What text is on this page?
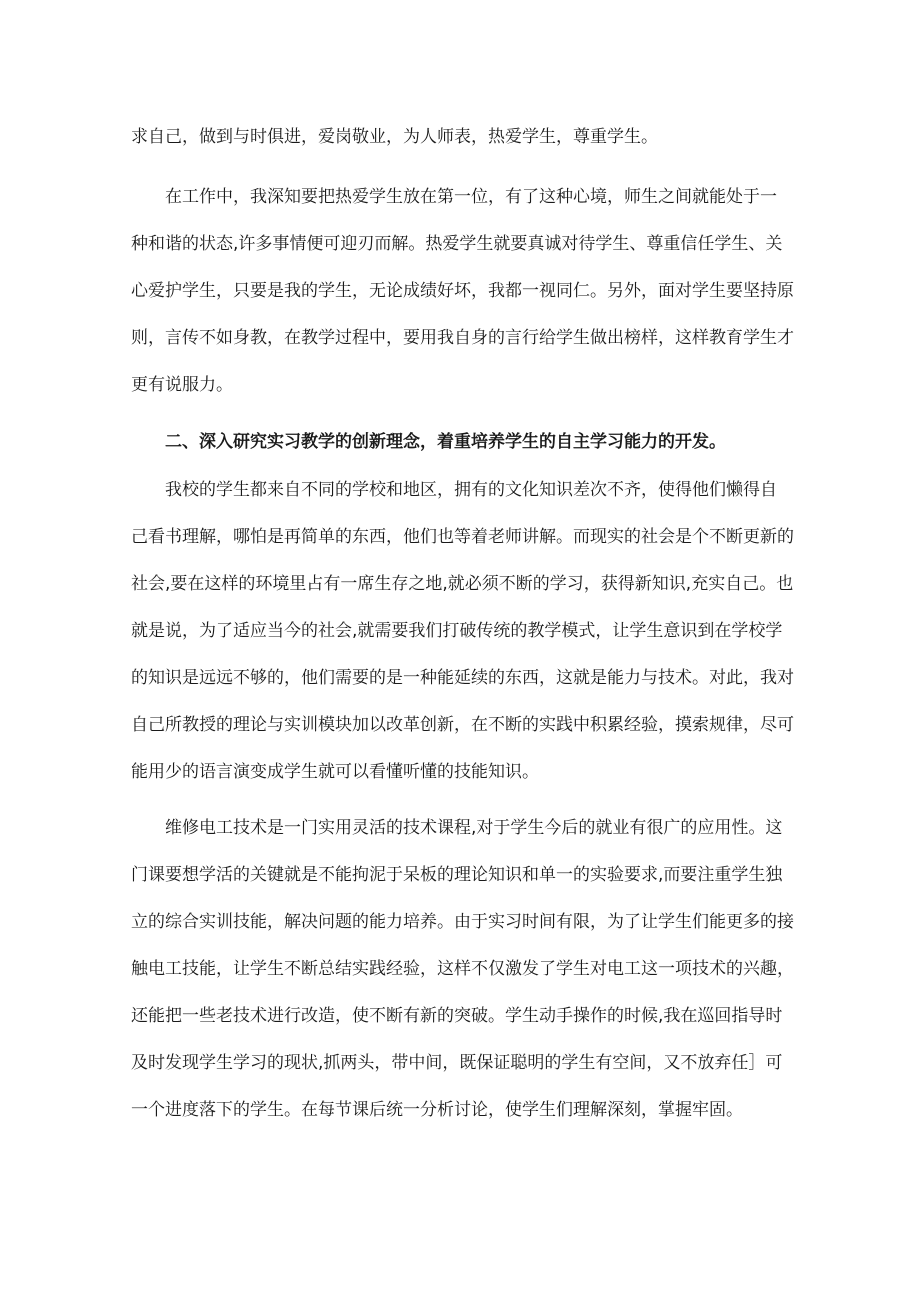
求自己，做到与时俱进，爱岗敬业，为人师表，热爱学生，尊重学生。
在工作中，我深知要把热爱学生放在第一位，有了这种心境，师生之间就能处于一
种和谐的状态,许多事情便可迎刃而解。热爱学生就要真诚对待学生、尊重信任学生、关
心爱护学生，只要是我的学生，无论成绩好坏，我都一视同仁。另外，面对学生要坚持原
则，言传不如身教，在教学过程中，要用我自身的言行给学生做出榜样，这样教育学生才
更有说服力。
二、深入研究实习教学的创新理念，着重培养学生的自主学习能力的开发。
我校的学生都来自不同的学校和地区，拥有的文化知识差次不齐，使得他们懒得自
己看书理解，哪怕是再简单的东西，他们也等着老师讲解。而现实的社会是个不断更新的
社会,要在这样的环境里占有一席生存之地,就必须不断的学习，获得新知识,充实自己。也
就是说，为了适应当今的社会,就需要我们打破传统的教学模式，让学生意识到在学校学
的知识是远远不够的，他们需要的是一种能延续的东西，这就是能力与技术。对此，我对
自己所教授的理论与实训模块加以改革创新，在不断的实践中积累经验，摸索规律，尽可
能用少的语言演变成学生就可以看懂听懂的技能知识。
维修电工技术是一门实用灵活的技术课程,对于学生今后的就业有很广的应用性。这
门课要想学活的关键就是不能拘泥于呆板的理论知识和单一的实验要求,而要注重学生独
立的综合实训技能，解决问题的能力培养。由于实习时间有限，为了让学生们能更多的接
触电工技能，让学生不断总结实践经验，这样不仅激发了学生对电工这一项技术的兴趣，
还能把一些老技术进行改造，使不断有新的突破。学生动手操作的时候,我在巡回指导时
及时发现学生学习的现状,抓两头，带中间，既保证聪明的学生有空间，又不放弃任］可
一个进度落下的学生。在每节课后统一分析讨论，使学生们理解深刻，掌握牢固。
